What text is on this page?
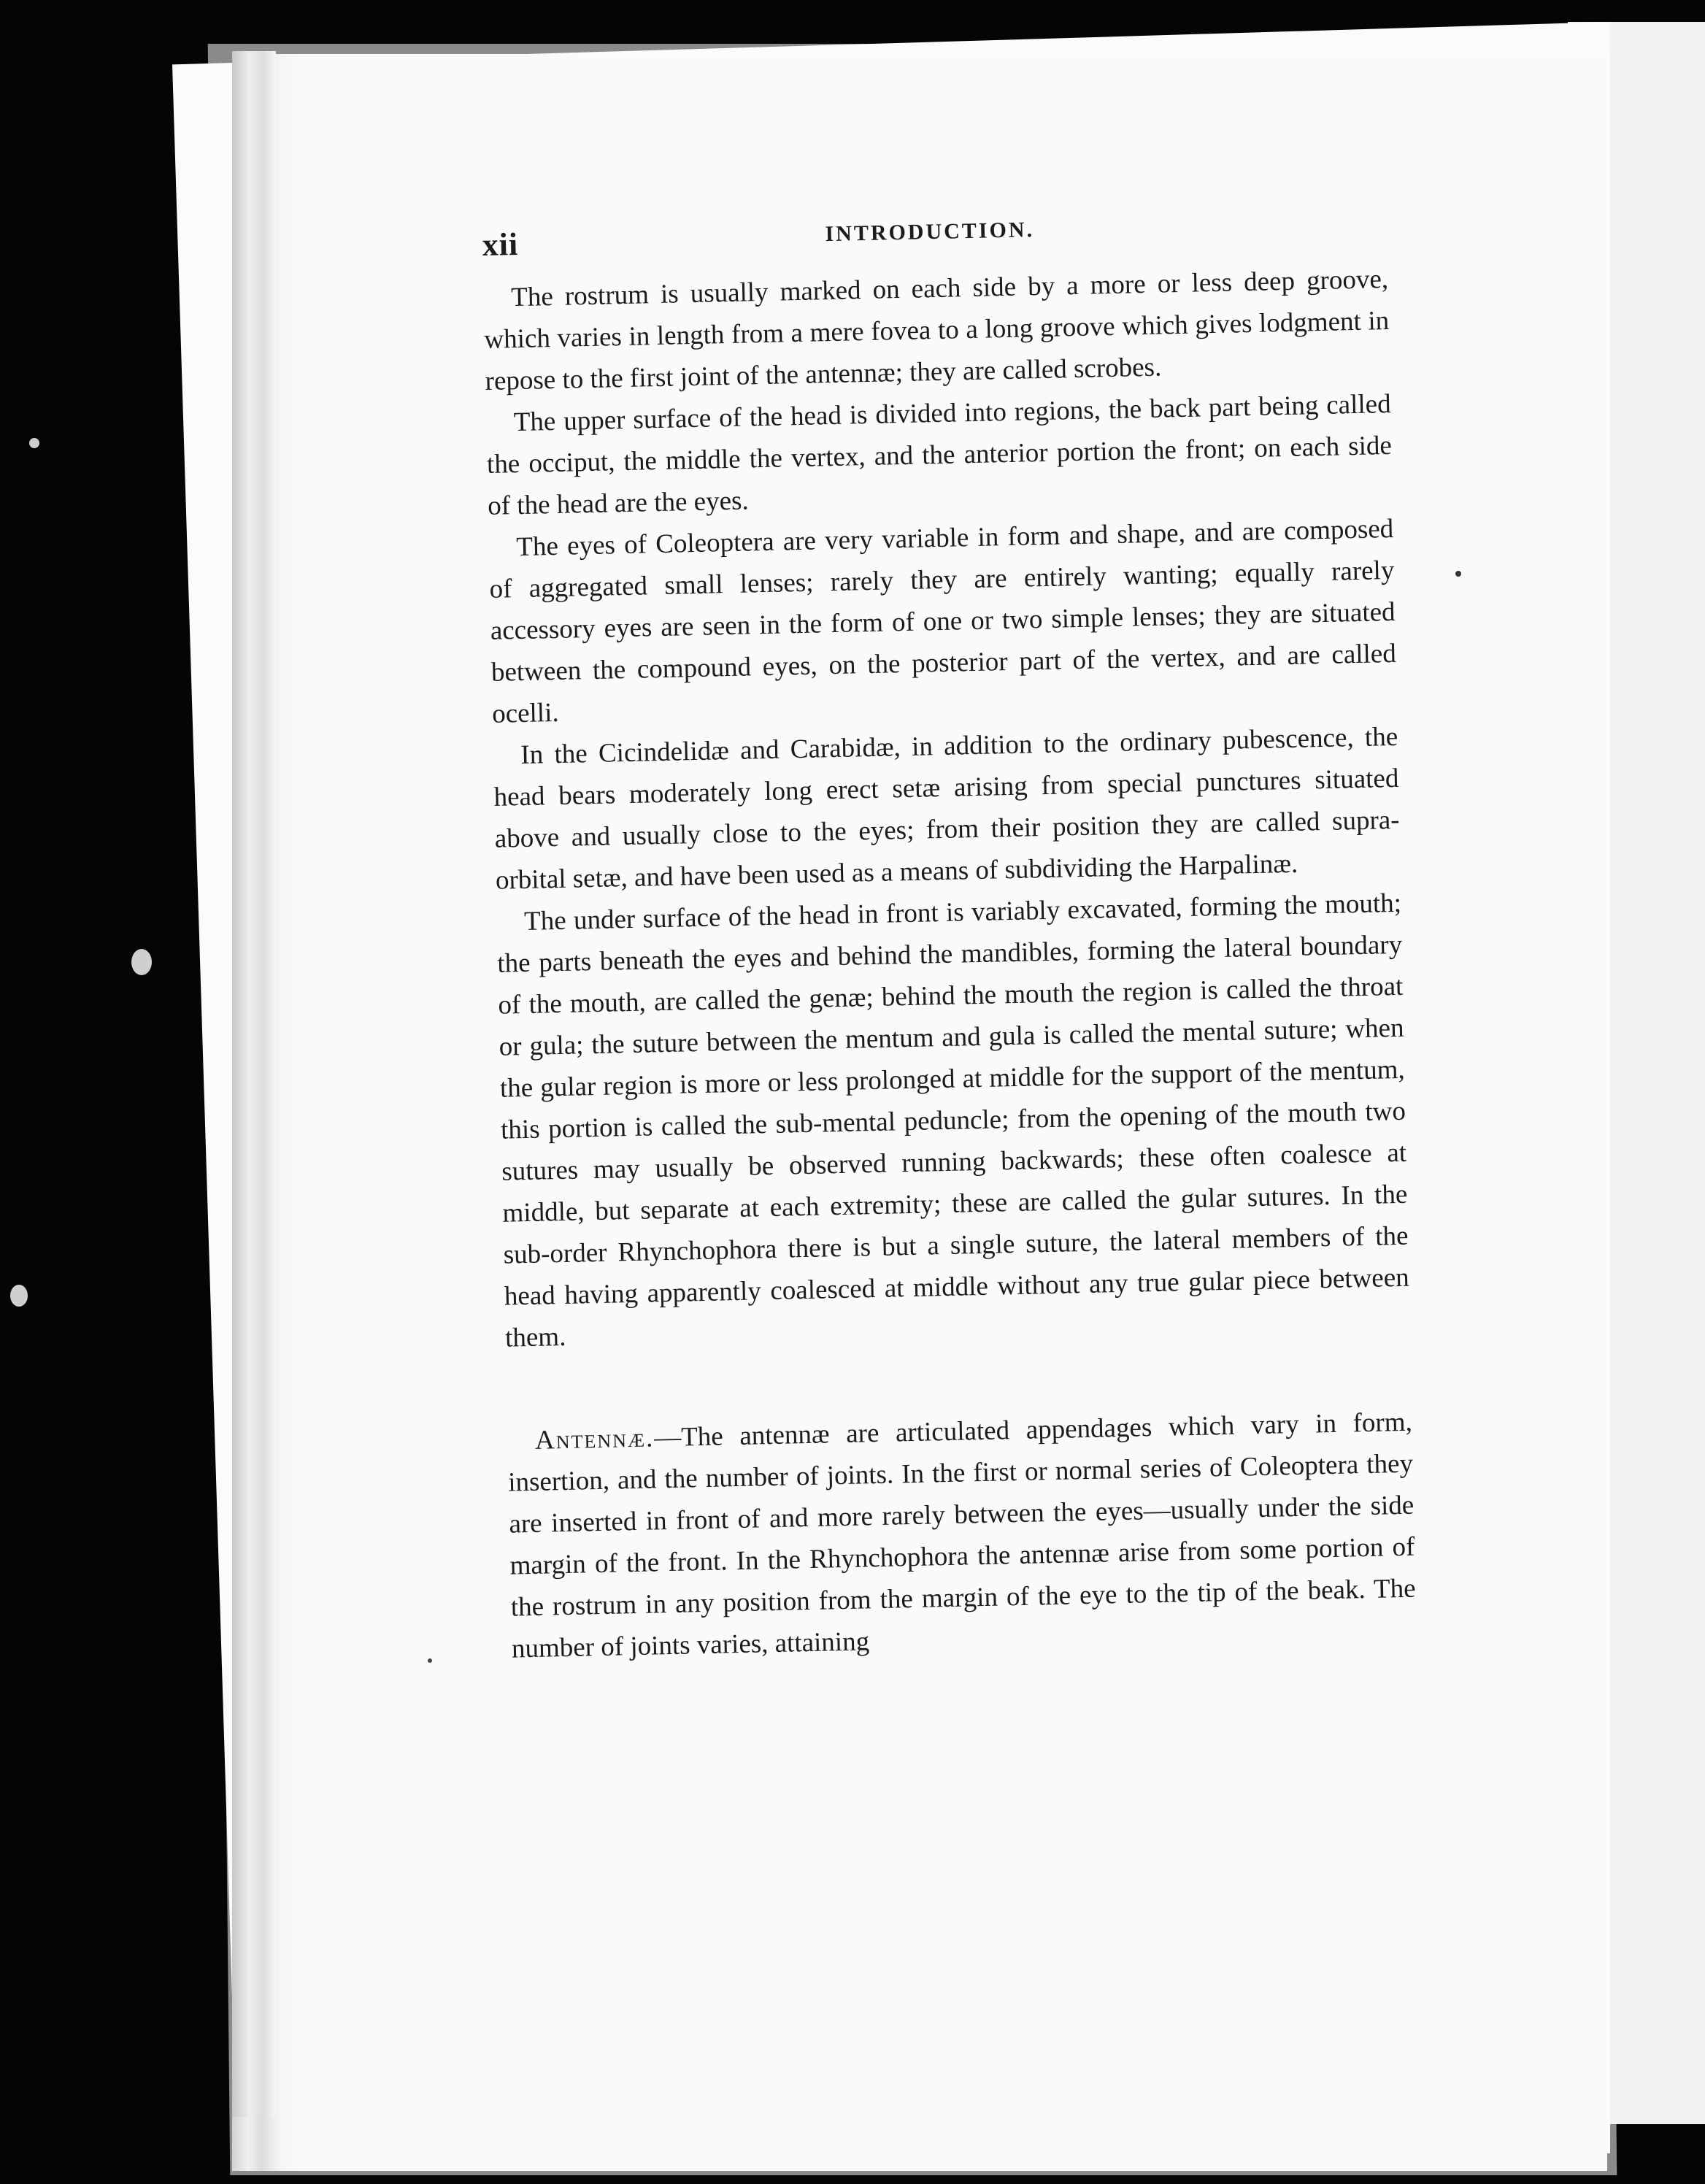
xii	INTRODUCTION.

The rostrum is usually marked on each side by a more or less deep groove, which varies in length from a mere fovea to a long groove which gives lodgment in repose to the first joint of the antennæ; they are called scrobes.

The upper surface of the head is divided into regions, the back part being called the occiput, the middle the vertex, and the anterior portion the front; on each side of the head are the eyes.

The eyes of Coleoptera are very variable in form and shape, and are composed of aggregated small lenses; rarely they are entirely wanting; equally rarely accessory eyes are seen in the form of one or two simple lenses; they are situated between the compound eyes, on the posterior part of the vertex, and are called ocelli.

In the Cicindelidæ and Carabidæ, in addition to the ordinary pubescence, the head bears moderately long erect setæ arising from special punctures situated above and usually close to the eyes; from their position they are called supra-orbital setæ, and have been used as a means of subdividing the Harpalinæ.

The under surface of the head in front is variably excavated, forming the mouth; the parts beneath the eyes and behind the mandibles, forming the lateral boundary of the mouth, are called the genæ; behind the mouth the region is called the throat or gula; the suture between the mentum and gula is called the mental suture; when the gular region is more or less prolonged at middle for the support of the mentum, this portion is called the sub-mental peduncle; from the opening of the mouth two sutures may usually be observed running backwards; these often coalesce at middle, but separate at each extremity; these are called the gular sutures. In the sub-order Rhynchophora there is but a single suture, the lateral members of the head having apparently coalesced at middle without any true gular piece between them.

Antennæ.—The antennæ are articulated appendages which vary in form, insertion, and the number of joints. In the first or normal series of Coleoptera they are inserted in front of and more rarely between the eyes—usually under the side margin of the front. In the Rhynchophora the antennæ arise from some portion of the rostrum in any position from the margin of the eye to the tip of the beak. The number of joints varies, attaining
